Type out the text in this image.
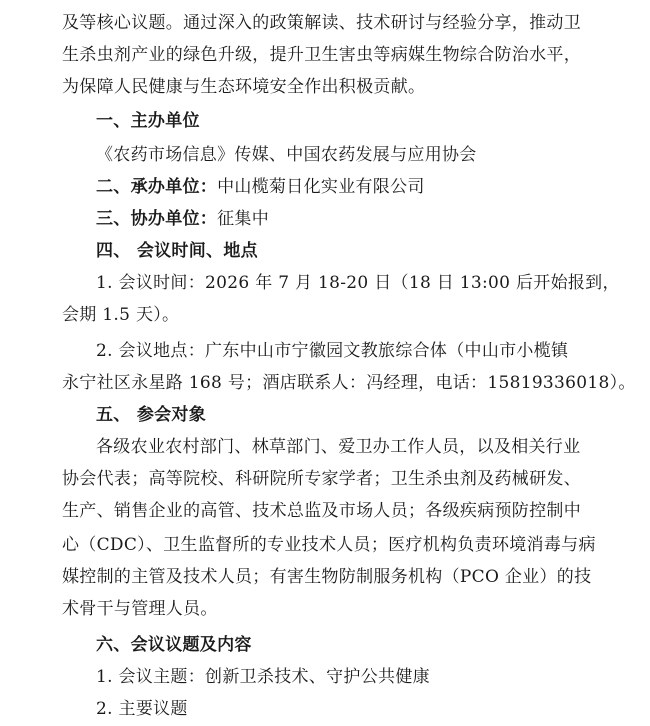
及等核心议题。通过深入的政策解读、技术研讨与经验分享，推动卫
生杀虫剂产业的绿色升级，提升卫生害虫等病媒生物综合防治水平，
为保障人民健康与生态环境安全作出积极贡献。
一、主办单位
《农药市场信息》传媒、中国农药发展与应用协会
二、承办单位：中山榄菊日化实业有限公司
三、协办单位：征集中
四、 会议时间、地点
1. 会议时间：2026 年 7 月 18-20 日（18 日 13:00 后开始报到，
会期 1.5 天）。
2. 会议地点：广东中山市宁徽园文教旅综合体（中山市小榄镇
永宁社区永星路 168 号；酒店联系人：冯经理，电话：15819336018）。
五、 参会对象
各级农业农村部门、林草部门、爱卫办工作人员，以及相关行业
协会代表；高等院校、科研院所专家学者；卫生杀虫剂及药械研发、
生产、销售企业的高管、技术总监及市场人员；各级疾病预防控制中
心（CDC）、卫生监督所的专业技术人员；医疗机构负责环境消毒与病
媒控制的主管及技术人员；有害生物防制服务机构（PCO 企业）的技
术骨干与管理人员。
六、会议议题及内容
1. 会议主题：创新卫杀技术、守护公共健康
2. 主要议题
